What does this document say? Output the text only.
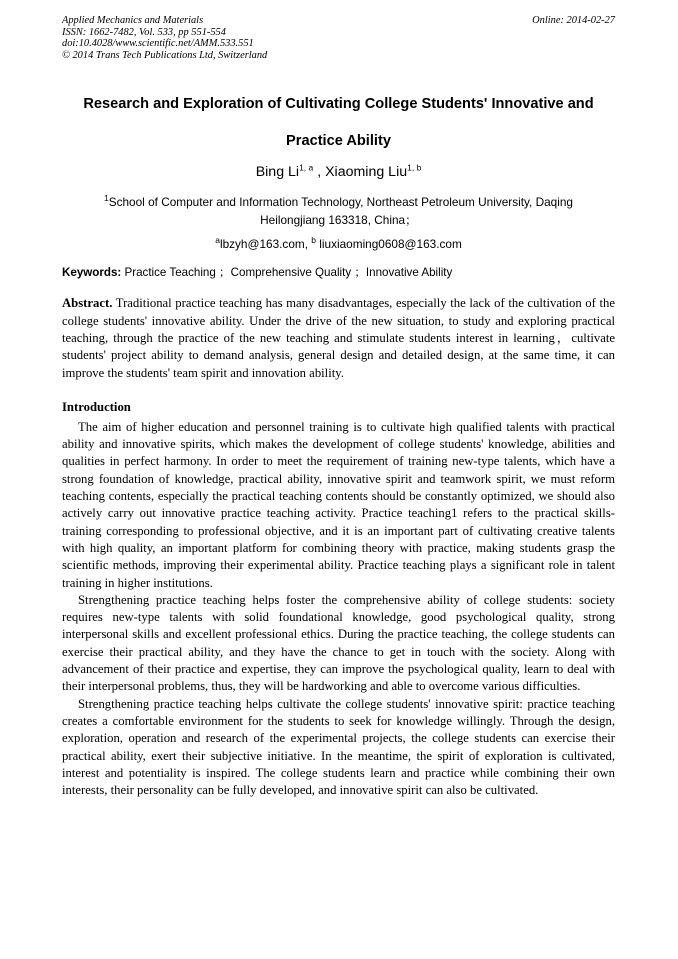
Applied Mechanics and Materials
ISSN: 1662-7482, Vol. 533, pp 551-554
doi:10.4028/www.scientific.net/AMM.533.551
© 2014 Trans Tech Publications Ltd, Switzerland
Online: 2014-02-27
Research and Exploration of Cultivating College Students' Innovative and Practice Ability
Bing Li$^{1, a}$ , Xiaoming Liu$^{1, b}$
$^1$School of Computer and Information Technology, Northeast Petroleum University, Daqing Heilongjiang 163318, China；
$^a$lbzyh@163.com, $^b$ liuxiaoming0608@163.com
Keywords: Practice Teaching ；Comprehensive Quality ；Innovative Ability
Abstract. Traditional practice teaching has many disadvantages, especially the lack of the cultivation of the college students' innovative ability. Under the drive of the new situation, to study and exploring practical teaching, through the practice of the new teaching and stimulate students interest in learning，cultivate students' project ability to demand analysis, general design and detailed design, at the same time, it can improve the students' team spirit and innovation ability.
Introduction

The aim of higher education and personnel training is to cultivate high qualified talents with practical ability and innovative spirits, which makes the development of college students' knowledge, abilities and qualities in perfect harmony. In order to meet the requirement of training new-type talents, which have a strong foundation of knowledge, practical ability, innovative spirit and teamwork spirit, we must reform teaching contents, especially the practical teaching contents should be constantly optimized, we should also actively carry out innovative practice teaching activity. Practice teaching1 refers to the practical skills-training corresponding to professional objective, and it is an important part of cultivating creative talents with high quality, an important platform for combining theory with practice, making students grasp the scientific methods, improving their experimental ability. Practice teaching plays a significant role in talent training in higher institutions.

Strengthening practice teaching helps foster the comprehensive ability of college students: society requires new-type talents with solid foundational knowledge, good psychological quality, strong interpersonal skills and excellent professional ethics. During the practice teaching, the college students can exercise their practical ability, and they have the chance to get in touch with the society. Along with advancement of their practice and expertise, they can improve the psychological quality, learn to deal with their interpersonal problems, thus, they will be hardworking and able to overcome various difficulties.

Strengthening practice teaching helps cultivate the college students' innovative spirit: practice teaching creates a comfortable environment for the students to seek for knowledge willingly. Through the design, exploration, operation and research of the experimental projects, the college students can exercise their practical ability, exert their subjective initiative. In the meantime, the spirit of exploration is cultivated, interest and potentiality is inspired. The college students learn and practice while combining their own interests, their personality can be fully developed, and innovative spirit can also be cultivated.
